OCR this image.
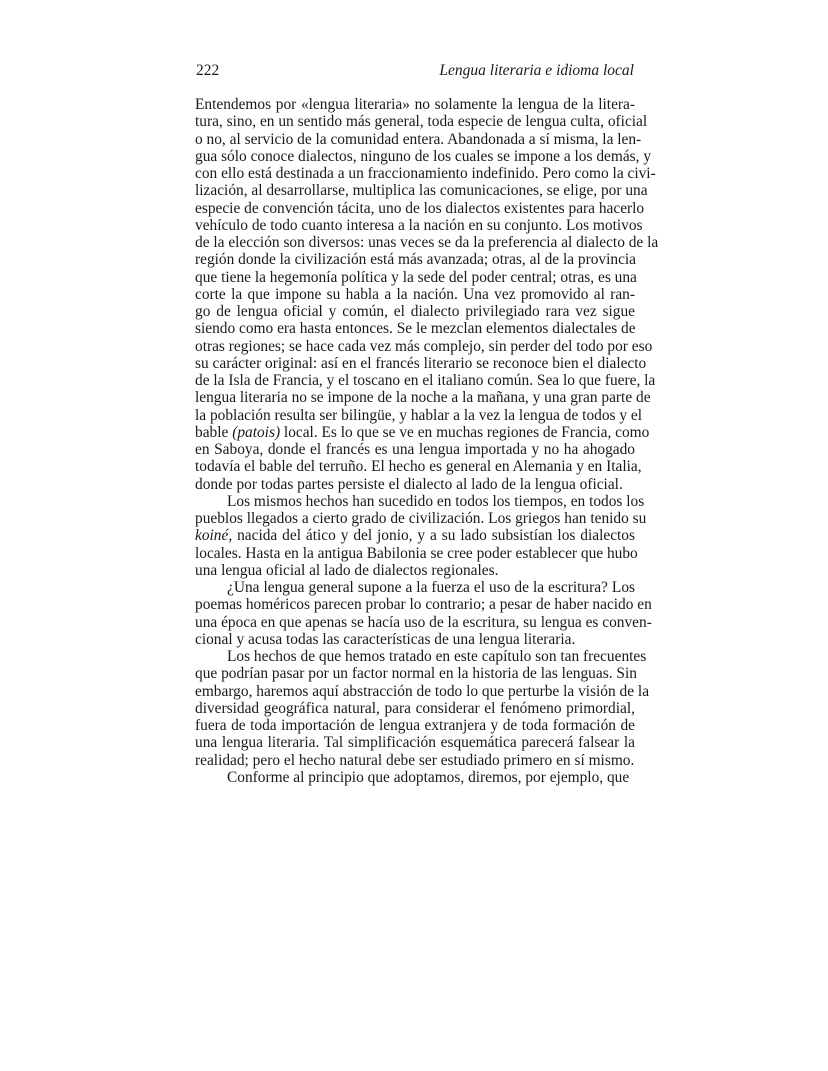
222	Lengua literaria e idioma local
Entendemos por «lengua literaria» no solamente la lengua de la litera-
tura, sino, en un sentido más general, toda especie de lengua culta, oficial
o no, al servicio de la comunidad entera. Abandonada a sí misma, la len-
gua sólo conoce dialectos, ninguno de los cuales se impone a los demás, y
con ello está destinada a un fraccionamiento indefinido. Pero como la civi-
lización, al desarrollarse, multiplica las comunicaciones, se elige, por una
especie de convención tácita, uno de los dialectos existentes para hacerlo
vehículo de todo cuanto interesa a la nación en su conjunto. Los motivos
de la elección son diversos: unas veces se da la preferencia al dialecto de la
región donde la civilización está más avanzada; otras, al de la provincia
que tiene la hegemonía política y la sede del poder central; otras, es una
corte la que impone su habla a la nación. Una vez promovido al ran-
go de lengua oficial y común, el dialecto privilegiado rara vez sigue
siendo como era hasta entonces. Se le mezclan elementos dialectales de
otras regiones; se hace cada vez más complejo, sin perder del todo por eso
su carácter original: así en el francés literario se reconoce bien el dialecto
de la Isla de Francia, y el toscano en el italiano común. Sea lo que fuere, la
lengua literaria no se impone de la noche a la mañana, y una gran parte de
la población resulta ser bilingüe, y hablar a la vez la lengua de todos y el
bable (patois) local. Es lo que se ve en muchas regiones de Francia, como
en Saboya, donde el francés es una lengua importada y no ha ahogado
todavía el bable del terruño. El hecho es general en Alemania y en Italia,
donde por todas partes persiste el dialecto al lado de la lengua oficial.
Los mismos hechos han sucedido en todos los tiempos, en todos los
pueblos llegados a cierto grado de civilización. Los griegos han tenido su
koiné, nacida del ático y del jonio, y a su lado subsistían los dialectos
locales. Hasta en la antigua Babilonia se cree poder establecer que hubo
una lengua oficial al lado de dialectos regionales.
¿Una lengua general supone a la fuerza el uso de la escritura? Los
poemas homéricos parecen probar lo contrario; a pesar de haber nacido en
una época en que apenas se hacía uso de la escritura, su lengua es conven-
cional y acusa todas las características de una lengua literaria.
Los hechos de que hemos tratado en este capítulo son tan frecuentes
que podrían pasar por un factor normal en la historia de las lenguas. Sin
embargo, haremos aquí abstracción de todo lo que perturbe la visión de la
diversidad geográfica natural, para considerar el fenómeno primordial,
fuera de toda importación de lengua extranjera y de toda formación de
una lengua literaria. Tal simplificación esquemática parecerá falsear la
realidad; pero el hecho natural debe ser estudiado primero en sí mismo.
Conforme al principio que adoptamos, diremos, por ejemplo, que
